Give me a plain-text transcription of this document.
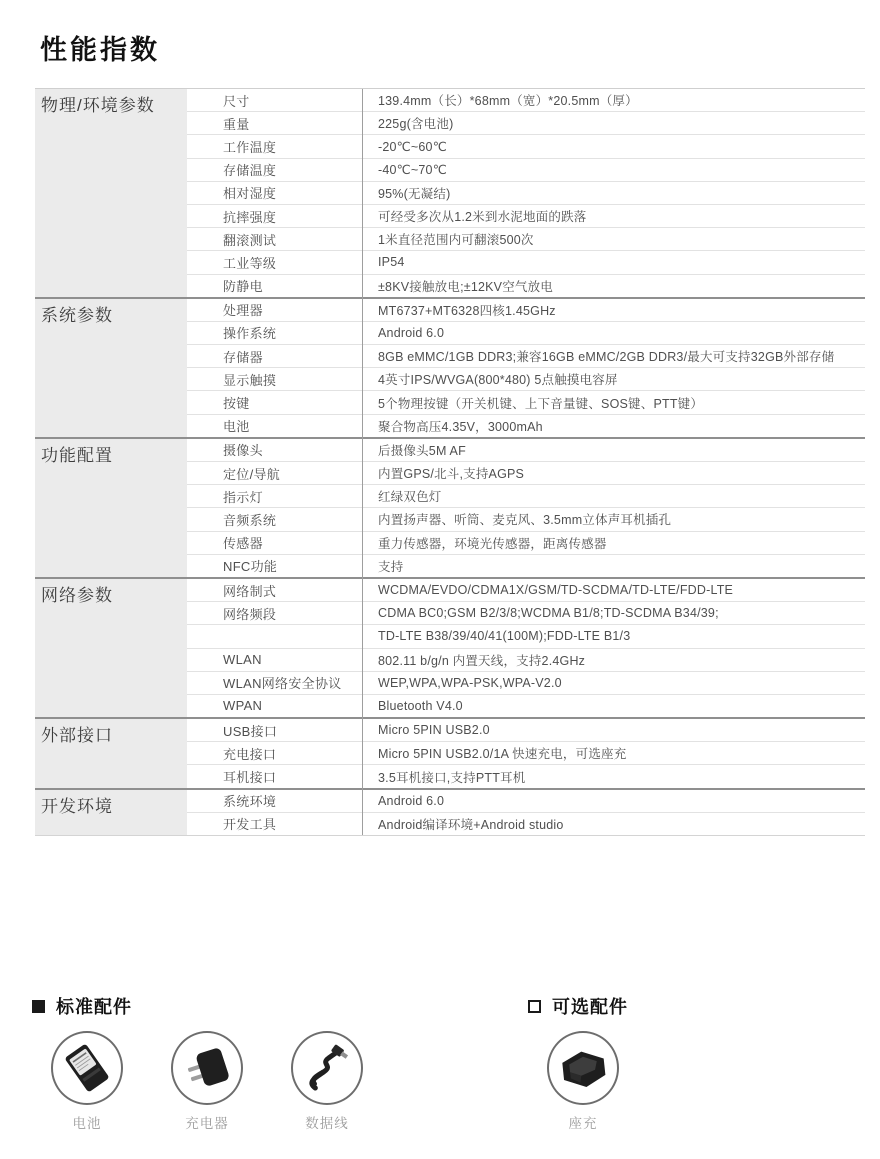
性能指数
物理/环境参数	尺寸	139.4mm（长）*68mm（宽）*20.5mm（厚）
重量	225g(含电池)
工作温度	-20℃~60℃
存储温度	-40℃~70℃
相对湿度	95%(无凝结)
抗摔强度	可经受多次从1.2米到水泥地面的跌落
翻滚测试	1米直径范围内可翻滚500次
工业等级	IP54
防静电	±8KV接触放电;±12KV空气放电
系统参数	处理器	MT6737+MT6328四核1.45GHz
操作系统	Android 6.0
存储器	8GB eMMC/1GB DDR3;兼容16GB eMMC/2GB DDR3/最大可支持32GB外部存储
显示触摸	4英寸IPS/WVGA(800*480) 5点触摸电容屏
按键	5个物理按键（开关机键、上下音量键、SOS键、PTT键）
电池	聚合物高压4.35V，3000mAh
功能配置	摄像头	后摄像头5M AF
定位/导航	内置GPS/北斗,支持AGPS
指示灯	红绿双色灯
音频系统	内置扬声器、听筒、麦克风、3.5mm立体声耳机插孔
传感器	重力传感器，环境光传感器，距离传感器
NFC功能	支持
网络参数	网络制式	WCDMA/EVDO/CDMA1X/GSM/TD-SCDMA/TD-LTE/FDD-LTE
网络频段	CDMA BC0;GSM B2/3/8;WCDMA B1/8;TD-SCDMA B34/39;
TD-LTE B38/39/40/41(100M);FDD-LTE B1/3
WLAN	802.11 b/g/n 内置天线，支持2.4GHz
WLAN网络安全协议	WEP,WPA,WPA-PSK,WPA-V2.0
WPAN	Bluetooth V4.0
外部接口	USB接口	Micro 5PIN USB2.0
充电接口	Micro 5PIN USB2.0/1A 快速充电，可选座充
耳机接口	3.5耳机接口,支持PTT耳机
开发环境	系统环境	Android 6.0
开发工具	Android编译环境+Android studio
标准配件
电池	充电器	数据线
可选配件
座充
